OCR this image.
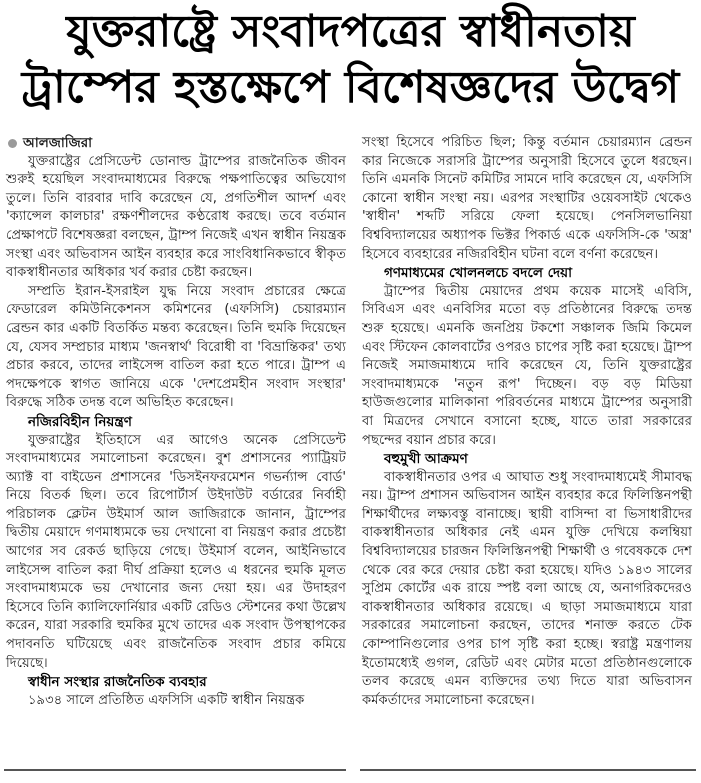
যুক্তরাষ্ট্রে সংবাদপত্রের স্বাধীনতায়
ট্রাম্পের হস্তক্ষেপে বিশেষজ্ঞদের উদ্বেগ
আলজাজিরা

যুক্তরাষ্ট্রের প্রেসিডেন্ট ডোনাল্ড ট্রাম্পের রাজনৈতিক জীবন শুরুই হয়েছিল সংবাদমাধ্যমের বিরুদ্ধে পক্ষপাতিত্বের অভিযোগ তুলে। তিনি বারবার দাবি করেছেন যে, প্রগতিশীল আদর্শ এবং 'ক্যান্সেল কালচার' রক্ষণশীলদের কণ্ঠরোধ করছে। তবে বর্তমান প্রেক্ষাপটে বিশেষজ্ঞরা বলছেন, ট্রাম্প নিজেই এখন স্বাধীন নিয়ন্ত্রক সংস্থা এবং অভিবাসন আইন ব্যবহার করে সাংবিধানিকভাবে স্বীকৃত বাকস্বাধীনতার অধিকার খর্ব করার চেষ্টা করছেন।

সম্প্রতি ইরান-ইসরাইল যুদ্ধ নিয়ে সংবাদ প্রচারের ক্ষেত্রে ফেডারেল কমিউনিকেশনস কমিশনের (এফসিসি) চেয়ারম্যান ব্রেন্ডন কার একটি বিতর্কিত মন্তব্য করেছেন। তিনি হুমকি দিয়েছেন যে, যেসব সম্প্রচার মাধ্যম 'জনস্বার্থ' বিরোধী বা 'বিভ্রান্তিকর' তথ্য প্রচার করবে, তাদের লাইসেন্স বাতিল করা হতে পারে। ট্রাম্প এ পদক্ষেপকে স্বাগত জানিয়ে একে 'দেশপ্রেমহীন সংবাদ সংস্থার' বিরুদ্ধে সঠিক তদন্ত বলে অভিহিত করেছেন।

নজিরবিহীন নিয়ন্ত্রণ

যুক্তরাষ্ট্রের ইতিহাসে এর আগেও অনেক প্রেসিডেন্ট সংবাদমাধ্যমের সমালোচনা করেছেন। বুশ প্রশাসনের প্যাট্রিয়ট অ্যাক্ট বা বাইডেন প্রশাসনের 'ডিসইনফরমেশন গভর্ন্যান্স বোর্ড' নিয়ে বিতর্ক ছিল। তবে রিপোর্টার্স উইদাউট বর্ডারের নির্বাহী পরিচালক ক্লেটন উইমার্স আল জাজিরাকে জানান, ট্রাম্পের দ্বিতীয় মেয়াদে গণমাধ্যমকে ভয় দেখানো বা নিয়ন্ত্রণ করার প্রচেষ্টা আগের সব রেকর্ড ছাড়িয়ে গেছে। উইমার্স বলেন, আইনিভাবে লাইসেন্স বাতিল করা দীর্ঘ প্রক্রিয়া হলেও এ ধরনের হুমকি মূলত সংবাদমাধ্যমকে ভয় দেখানোর জন্য দেয়া হয়। এর উদাহরণ হিসেবে তিনি ক্যালিফোর্নিয়ার একটি রেডিও স্টেশনের কথা উল্লেখ করেন, যারা সরকারি হুমকির মুখে তাদের এক সংবাদ উপস্থাপকের পদাবনতি ঘটিয়েছে এবং রাজনৈতিক সংবাদ প্রচার কমিয়ে দিয়েছে।

স্বাধীন সংস্থার রাজনৈতিক ব্যবহার

১৯৩৪ সালে প্রতিষ্ঠিত এফসিসি একটি স্বাধীন নিয়ন্ত্রক

সংস্থা হিসেবে পরিচিত ছিল; কিন্তু বর্তমান চেয়ারম্যান ব্রেন্ডন কার নিজেকে সরাসরি ট্রাম্পের অনুসারী হিসেবে তুলে ধরছেন। তিনি এমনকি সিনেট কমিটির সামনে দাবি করেছেন যে, এফসিসি কোনো স্বাধীন সংস্থা নয়। এরপর সংস্থাটির ওয়েবসাইট থেকেও 'স্বাধীন' শব্দটি সরিয়ে ফেলা হয়েছে। পেনসিলভানিয়া বিশ্ববিদ্যালয়ের অধ্যাপক ভিক্টর পিকার্ড একে এফসিসি-কে 'অস্ত্র' হিসেবে ব্যবহারের নজিরবিহীন ঘটনা বলে বর্ণনা করেছেন।

গণমাধ্যমের খোলনলচে বদলে দেয়া

ট্রাম্পের দ্বিতীয় মেয়াদের প্রথম কয়েক মাসেই এবিসি, সিবিএস এবং এনবিসির মতো বড় প্রতিষ্ঠানের বিরুদ্ধে তদন্ত শুরু হয়েছে। এমনকি জনপ্রিয় টকশো সঞ্চালক জিমি কিমেল এবং স্টিফেন কোলবার্টের ওপরও চাপের সৃষ্টি করা হয়েছে। ট্রাম্প নিজেই সমাজমাধ্যমে দাবি করেছেন যে, তিনি যুক্তরাষ্ট্রের সংবাদমাধ্যমকে 'নতুন রূপ' দিচ্ছেন। বড় বড় মিডিয়া হাউজগুলোর মালিকানা পরিবর্তনের মাধ্যমে ট্রাম্পের অনুসারী বা মিত্রদের সেখানে বসানো হচ্ছে, যাতে তারা সরকারের পছন্দের বয়ান প্রচার করে।

বহুমুখী আক্রমণ

বাকস্বাধীনতার ওপর এ আঘাত শুধু সংবাদমাধ্যমেই সীমাবদ্ধ নয়। ট্রাম্প প্রশাসন অভিবাসন আইন ব্যবহার করে ফিলিস্তিনপন্থী শিক্ষার্থীদের লক্ষ্যবস্তু বানাচ্ছে। স্থায়ী বাসিন্দা বা ভিসাধারীদের বাকস্বাধীনতার অধিকার নেই এমন যুক্তি দেখিয়ে কলম্বিয়া বিশ্ববিদ্যালয়ের চারজন ফিলিস্তিনপন্থী শিক্ষার্থী ও গবেষককে দেশ থেকে বের করে দেয়ার চেষ্টা করা হয়েছে। যদিও ১৯৪৩ সালের সুপ্রিম কোর্টের এক রায়ে স্পষ্ট বলা আছে যে, অনাগরিকদেরও বাকস্বাধীনতার অধিকার রয়েছে। এ ছাড়া সমাজমাধ্যমে যারা সরকারের সমালোচনা করছেন, তাদের শনাক্ত করতে টেক কোম্পানিগুলোর ওপর চাপ সৃষ্টি করা হচ্ছে। স্বরাষ্ট্র মন্ত্রণালয় ইতোমধ্যেই গুগল, রেডিট এবং মেটার মতো প্রতিষ্ঠানগুলোকে তলব করেছে এমন ব্যক্তিদের তথ্য দিতে যারা অভিবাসন কর্মকর্তাদের সমালোচনা করেছেন।
